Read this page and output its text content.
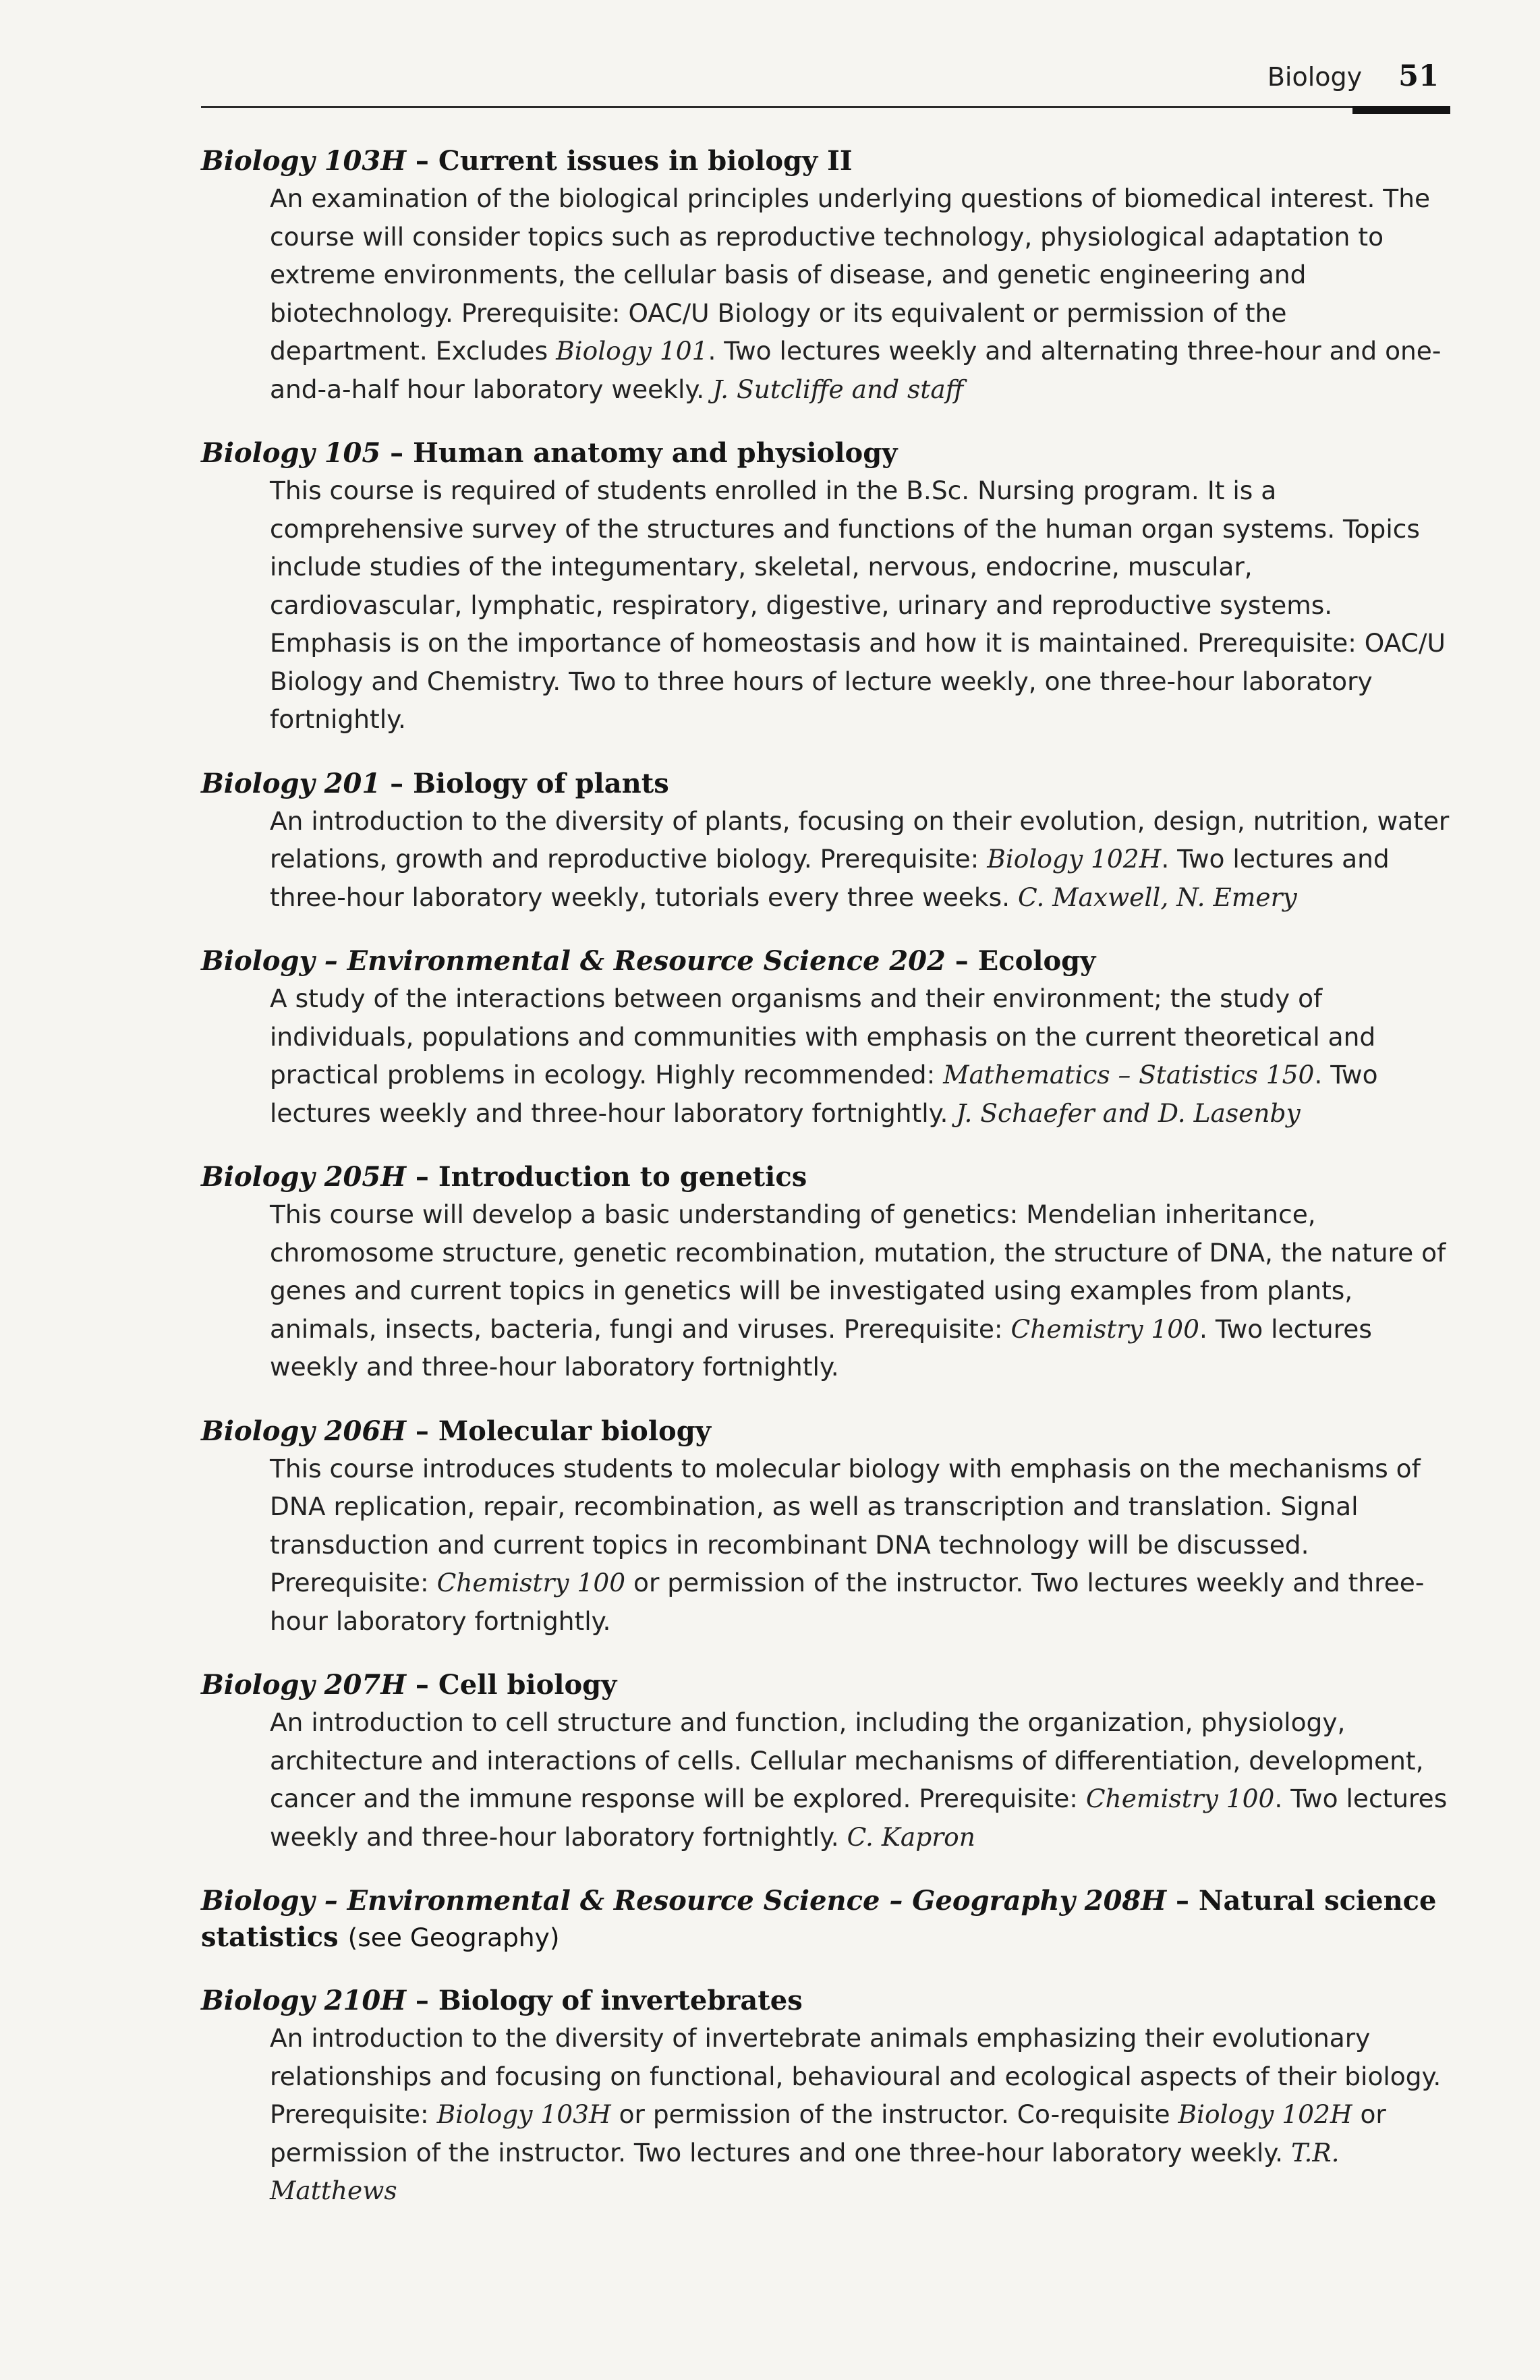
Biology 51
Biology 103H – Current issues in biology II
An examination of the biological principles underlying questions of biomedical interest. The course will consider topics such as reproductive technology, physiological adaptation to extreme environments, the cellular basis of disease, and genetic engineering and biotechnology. Prerequisite: OAC/U Biology or its equivalent or permission of the department. Excludes Biology 101. Two lectures weekly and alternating three-hour and one-and-a-half hour laboratory weekly. J. Sutcliffe and staff
Biology 105 – Human anatomy and physiology
This course is required of students enrolled in the B.Sc. Nursing program. It is a comprehensive survey of the structures and functions of the human organ systems. Topics include studies of the integumentary, skeletal, nervous, endocrine, muscular, cardiovascular, lymphatic, respiratory, digestive, urinary and reproductive systems. Emphasis is on the importance of homeostasis and how it is maintained. Prerequisite: OAC/U Biology and Chemistry. Two to three hours of lecture weekly, one three-hour laboratory fortnightly.
Biology 201 – Biology of plants
An introduction to the diversity of plants, focusing on their evolution, design, nutrition, water relations, growth and reproductive biology. Prerequisite: Biology 102H. Two lectures and three-hour laboratory weekly, tutorials every three weeks. C. Maxwell, N. Emery
Biology – Environmental & Resource Science 202 – Ecology
A study of the interactions between organisms and their environment; the study of individuals, populations and communities with emphasis on the current theoretical and practical problems in ecology. Highly recommended: Mathematics – Statistics 150. Two lectures weekly and three-hour laboratory fortnightly. J. Schaefer and D. Lasenby
Biology 205H – Introduction to genetics
This course will develop a basic understanding of genetics: Mendelian inheritance, chromosome structure, genetic recombination, mutation, the structure of DNA, the nature of genes and current topics in genetics will be investigated using examples from plants, animals, insects, bacteria, fungi and viruses. Prerequisite: Chemistry 100. Two lectures weekly and three-hour laboratory fortnightly.
Biology 206H – Molecular biology
This course introduces students to molecular biology with emphasis on the mechanisms of DNA replication, repair, recombination, as well as transcription and translation. Signal transduction and current topics in recombinant DNA technology will be discussed. Prerequisite: Chemistry 100 or permission of the instructor. Two lectures weekly and three-hour laboratory fortnightly.
Biology 207H – Cell biology
An introduction to cell structure and function, including the organization, physiology, architecture and interactions of cells. Cellular mechanisms of differentiation, development, cancer and the immune response will be explored. Prerequisite: Chemistry 100. Two lectures weekly and three-hour laboratory fortnightly. C. Kapron
Biology – Environmental & Resource Science – Geography 208H – Natural science statistics (see Geography)
Biology 210H – Biology of invertebrates
An introduction to the diversity of invertebrate animals emphasizing their evolutionary relationships and focusing on functional, behavioural and ecological aspects of their biology. Prerequisite: Biology 103H or permission of the instructor. Co-requisite Biology 102H or permission of the instructor. Two lectures and one three-hour laboratory weekly. T.R. Matthews
